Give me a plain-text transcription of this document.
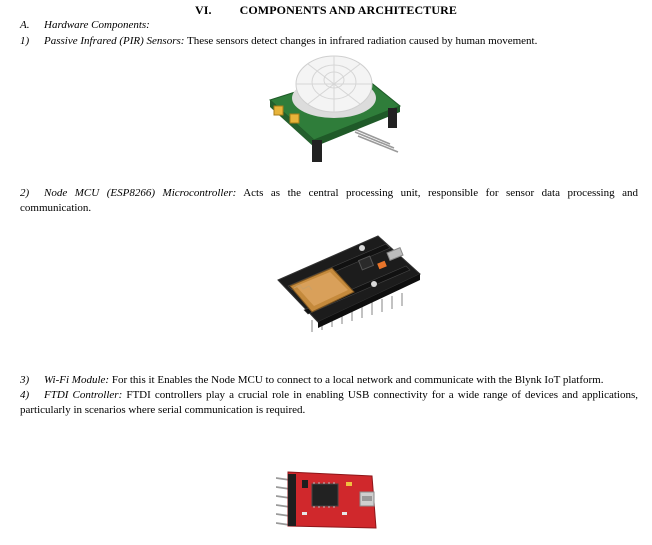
VI. COMPONENTS AND ARCHITECTURE
A. Hardware Components:
1) Passive Infrared (PIR) Sensors: These sensors detect changes in infrared radiation caused by human movement.
2) Node MCU (ESP8266) Microcontroller: Acts as the central processing unit, responsible for sensor data processing and communication.
3) Wi-Fi Module: For this it Enables the Node MCU to connect to a local network and communicate with the Blynk IoT platform.
4) FTDI Controller: FTDI controllers play a crucial role in enabling USB connectivity for a wide range of devices and applications, particularly in scenarios where serial communication is required.
